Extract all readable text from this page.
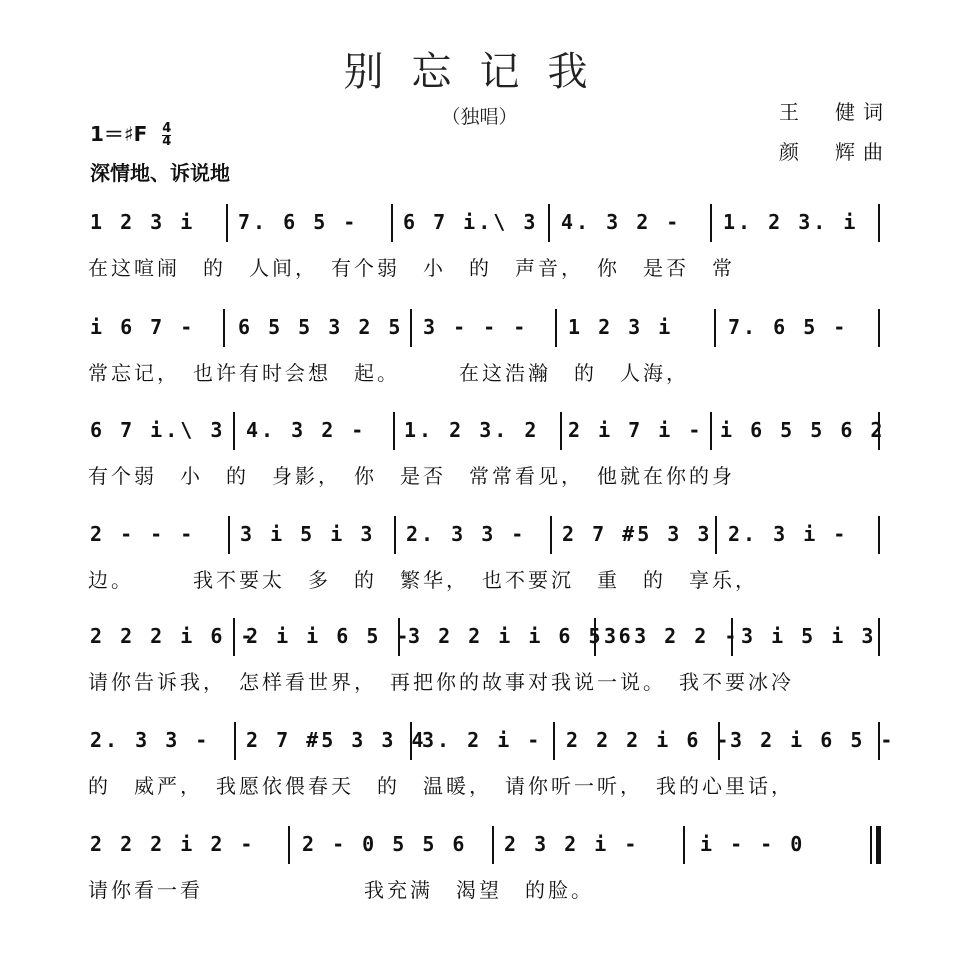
别忘记我
（独唱）	王　健词
颜　辉曲
1＝♯F $\frac{4}{4}$
深情地、诉说地
1 2 3 i 7. 6 5 - 6 7 i.\ 3 4. 3 2 - 1. 2 3. i
在这喧闹　的　人间，　有个弱　小　的　声音，　你　是否　常
i 6 7 - 6 5 5 3 2 5 3 - - - 1 2 3 i	7. 6 5 -
常忘记，　也许有时会想　起。　　　在这浩瀚　的　人海，
6 7 i.\ 3 4. 3 2 - 1. 2 3. 2 2 i 7 i - i 6 5 5 6 2
有个弱　小　的　身影，　你　是否　常常看见，　他就在你的身
2 - - - 3 i 5 i 3 2. 3 3 - 2 7 #5 3 3 2. 3 i -
边。　　　我不要太　多　的　繁华，　也不要沉　重　的　享乐，
2 2 2 i 6 -
2 i i 6 5 -
3 2 2 i i 6 5 6
3 3 2 2 - 3 i 5 i 3
请你告诉我，　怎样看世界，　再把你的故事对我说一说。　我不要冰冷
2. 3 3 - 2 7 #5 3 3 4
3. 2 i - 2 2 2 i 6 -
3 2 i 6 5 -
的　威严，　我愿依偎春天　的　温暖，　请你听一听，　我的心里话，
2 2 2 i 2 - 2 - 0 5 5 6 2 3 2 i -	i - - 0
请你看一看　　　　　　　我充满　渴望　的脸。
